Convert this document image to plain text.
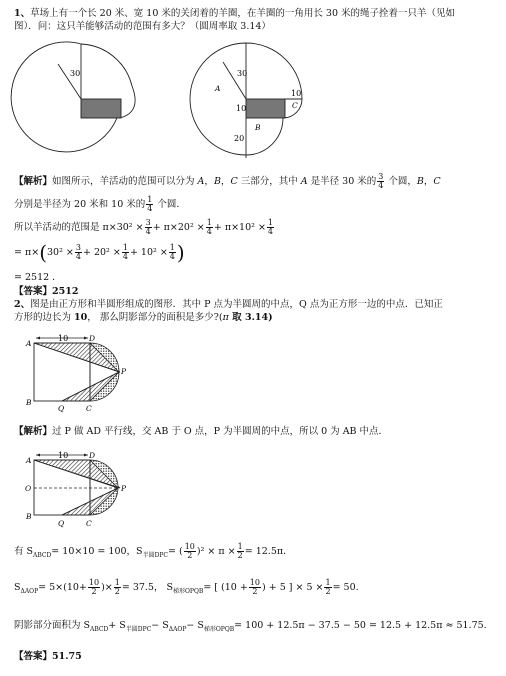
1、草场上有一个长 20 米、宽 10 米的关闭着的羊圈，在羊圈的一角用长 30 米的绳子拴着一只羊（见如
图）．问：这只羊能够活动的范围有多大？（圆周率取 3.14）
30	30
A
10
10
C
B
20
【解析】如图所示，羊活动的范围可以分为 A，B，C 三部分，其中 A 是半径 30 米的 $\frac{3}{4}$ 个圆，B，C
分别是半径为 20 米和 10 米的 $\frac{1}{4}$ 个圆．
所以羊活动的范围是 $\pi\times 30^2 \times \frac{3}{4} + \pi\times 20^2 \times \frac{1}{4} + \pi\times 10^2 \times \frac{1}{4}$
= $\pi\times(30^2 \times \frac{3}{4} + 20^2 \times \frac{1}{4} + 10^2 \times \frac{1}{4}$ )
= 2512 ．
【答案】2512
2、图是由正方形和半圆形组成的图形．其中 P 点为半圆周的中点，Q 点为正方形一边的中点．已知正
方形的边长为 10， 那么阴影部分的面积是多少?(π 取 3.14)
10
A
D
P
B
Q	C
【解析】过 P 做 AD 平行线，交 AB 于 O 点，P 为半圆周的中点，所以 0 为 AB 中点．
10
A
D
O	P
B
Q	C
有 $S_{ABCD}= 10\times 10 = 100$，$S_{半圆DPC}=$ ( $\frac{10}{2} )^2 \times \pi \times \frac{1}{2} = 12.5\pi$．
$S_{\Delta AOP}= 5\times(10+ \frac{10}{2}$ )× $\frac{1}{2} = 37.5$， $S_{梯形OPQB}=$ [ ($10 + \frac{10}{2}$ ) + 5 ] × $5 \times \frac{1}{2} = 50$.
阴影部分面积为 $S_{ABCD}+ S_{半圆DPC}- S_{\Delta AOP}- S_{梯形OPQB}= 100 + 12.5\pi - 37.5 - 50 = 12.5 + 12.5\pi \approx 51.75$.
【答案】51.75
